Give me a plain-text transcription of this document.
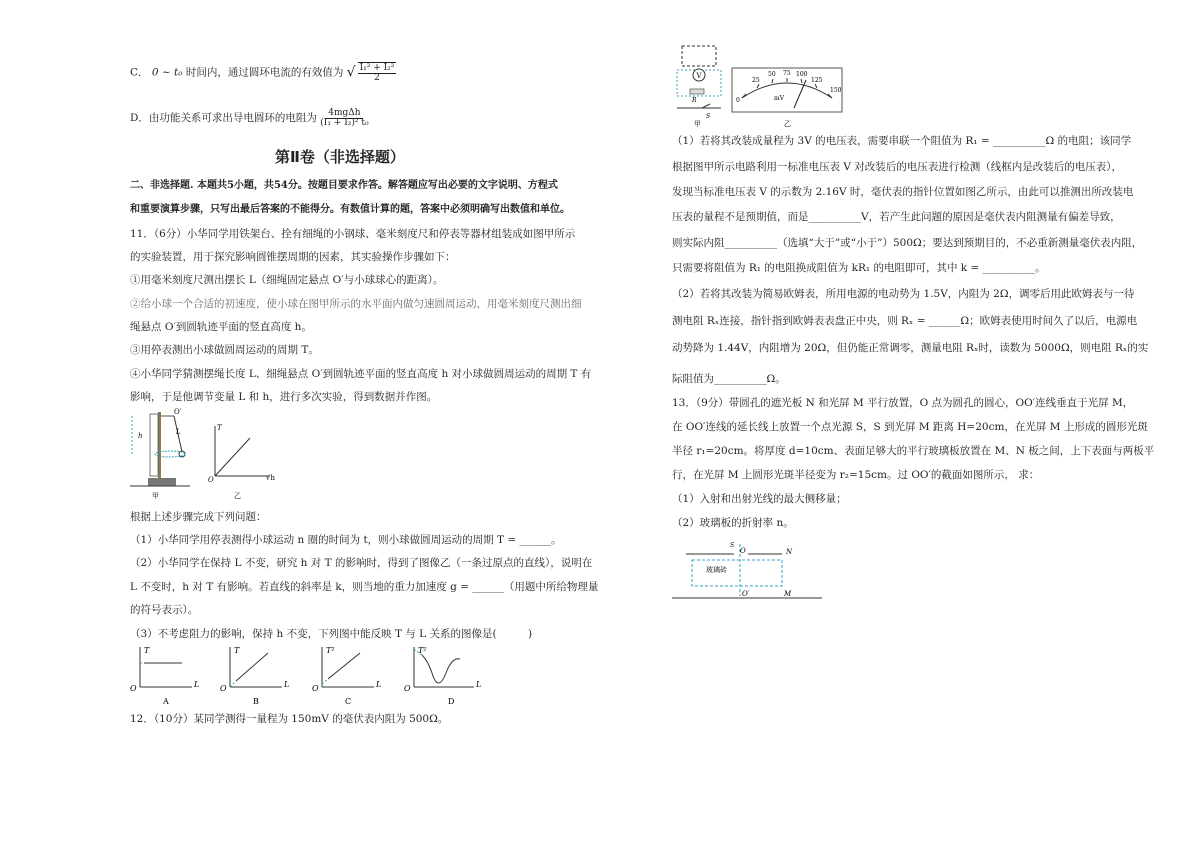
C． 0 ~ t₀ 时间内，通过圆环电流的有效值为 √ $\frac{\text{I₁² + I₂²}}{2}$
D．由功能关系可求出导电圆环的电阻为 $\frac{\text{4mgΔh}}{\text{(I₁ + I₂)² t₀}}$
第Ⅱ卷（非选择题）
二、非选择题. 本题共5小题，共54分。按题目要求作答。解答题应写出必要的文字说明、方程式
和重要演算步骤，只写出最后答案的不能得分。有数值计算的题，答案中必须明确写出数值和单位。
11．（6分）小华同学用铁架台、拴有细绳的小钢球、毫米刻度尺和停表等器材组装成如图甲所示
的实验装置，用于探究影响圆锥摆周期的因素，其实验操作步骤如下：
①用毫米刻度尺测出摆长 L（细绳固定悬点 O′与小球球心的距离）。
②给小球一个合适的初速度，使小球在图甲所示的水平面内做匀速圆周运动，用毫米刻度尺测出细
绳悬点 O′到圆轨迹平面的竖直高度 h。
③用停表测出小球做圆周运动的周期 T。
④小华同学猜测摆绳长度 L、细绳悬点 O′到圆轨迹平面的竖直高度 h 对小球做圆周运动的周期 T 有
影响，于是他调节变量 L 和 h，进行多次实验，得到数据并作图。
O′
L
h
甲
T
O	√h
乙
根据上述步骤完成下列问题：
（1）小华同学用停表测得小球运动 n 圈的时间为 t，则小球做圆周运动的周期 T = ______。
（2）小华同学在保持 L 不变，研究 h 对 T 的影响时，得到了图像乙（一条过原点的直线），说明在
L 不变时，h 对 T 有影响。若直线的斜率是 k，则当地的重力加速度 g = ______（用题中所给物理量
的符号表示）。
（3）不考虑阻力的影响，保持 h 不变，下列图中能反映 T 与 L 关系的图像是(　　　)
T
O	L
A
T
O	L
B
T²
O	L
C
T²
O	L
D
12．（10分）某同学测得一量程为 150mV 的毫伏表内阻为 500Ω。
V
R
S
甲
0
25
50 75 100
125
150
mV
乙
（1）若将其改装成量程为 3V 的电压表，需要串联一个阻值为 R₁ = __________Ω 的电阻；该同学
根据图甲所示电路利用一标准电压表 V 对改装后的电压表进行检测（线框内是改装后的电压表），
发现当标准电压表 V 的示数为 2.16V 时，毫伏表的指针位置如图乙所示，由此可以推测出所改装电
压表的量程不是预期值，而是__________V，若产生此问题的原因是毫伏表内阻测量有偏差导致，
则实际内阻__________（选填“大于”或“小于”）500Ω；要达到预期目的，不必重新测量毫伏表内阻，
只需要将阻值为 R₁ 的电阻换成阻值为 kR₁ 的电阻即可，其中 k = __________。
（2）若将其改装为简易欧姆表，所用电源的电动势为 1.5V，内阻为 2Ω，调零后用此欧姆表与一待
测电阻 Rₓ连接，指针指到欧姆表表盘正中央，则 Rₓ = ______Ω；欧姆表使用时间久了以后，电源电
动势降为 1.44V，内阻增为 20Ω，但仍能正常调零，测量电阻 Rₓ时，读数为 5000Ω，则电阻 Rₓ的实
际阻值为__________Ω。
13．（9分）带圆孔的遮光板 N 和光屏 M 平行放置，O 点为圆孔的圆心，OO′连线垂直于光屏 M，
在 OO′连线的延长线上放置一个点光源 S，S 到光屏 M 距离 H=20cm，在光屏 M 上形成的圆形光斑
半径 r₁=20cm。将厚度 d=10cm、表面足够大的平行玻璃板放置在 M、N 板之间，上下表面与两板平
行，在光屏 M 上圆形光斑半径变为 r₂=15cm。过 OO′的截面如图所示， 求：
（1）入射和出射光线的最大侧移量；
（2）玻璃板的折射率 n。
S
O	N
玻璃砖
O′	M
